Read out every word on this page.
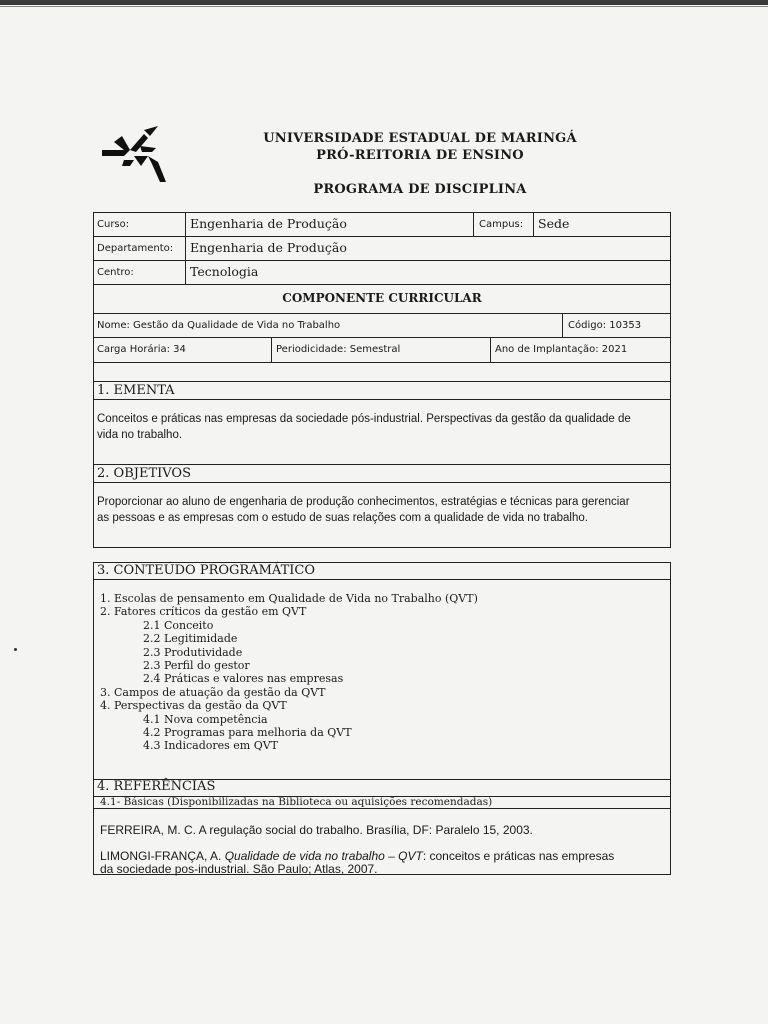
UNIVERSIDADE ESTADUAL DE MARINGÁ
PRÓ-REITORIA DE ENSINO
PROGRAMA DE DISCIPLINA
Curso:	Engenharia de Produção	Campus: Sede
Departamento: Engenharia de Produção
Centro:	Tecnologia
COMPONENTE CURRICULAR
Nome: Gestão da Qualidade de Vida no Trabalho	Código: 10353
Carga Horária: 34	Periodicidade: Semestral	Ano de Implantação: 2021
1. EMENTA
Conceitos e práticas nas empresas da sociedade pós-industrial. Perspectivas da gestão da qualidade de
vida no trabalho.
2. OBJETIVOS
Proporcionar ao aluno de engenharia de produção conhecimentos, estratégias e técnicas para gerenciar
as pessoas e as empresas com o estudo de suas relações com a qualidade de vida no trabalho.
3. CONTEÚDO PROGRAMÁTICO
1. Escolas de pensamento em Qualidade de Vida no Trabalho (QVT)
2. Fatores críticos da gestão em QVT
2.1 Conceito
2.2 Legitimidade
2.3 Produtividade
2.3 Perfil do gestor
2.4 Práticas e valores nas empresas
3. Campos de atuação da gestão da QVT
4. Perspectivas da gestão da QVT
4.1 Nova competência
4.2 Programas para melhoria da QVT
4.3 Indicadores em QVT
4. REFERÊNCIAS
4.1- Básicas (Disponibilizadas na Biblioteca ou aquisições recomendadas)
FERREIRA, M. C. A regulação social do trabalho. Brasília, DF: Paralelo 15, 2003.
LIMONGI-FRANÇA, A. Qualidade de vida no trabalho – QVT: conceitos e práticas nas empresas
da sociedade pos-industrial. São Paulo; Atlas, 2007.
